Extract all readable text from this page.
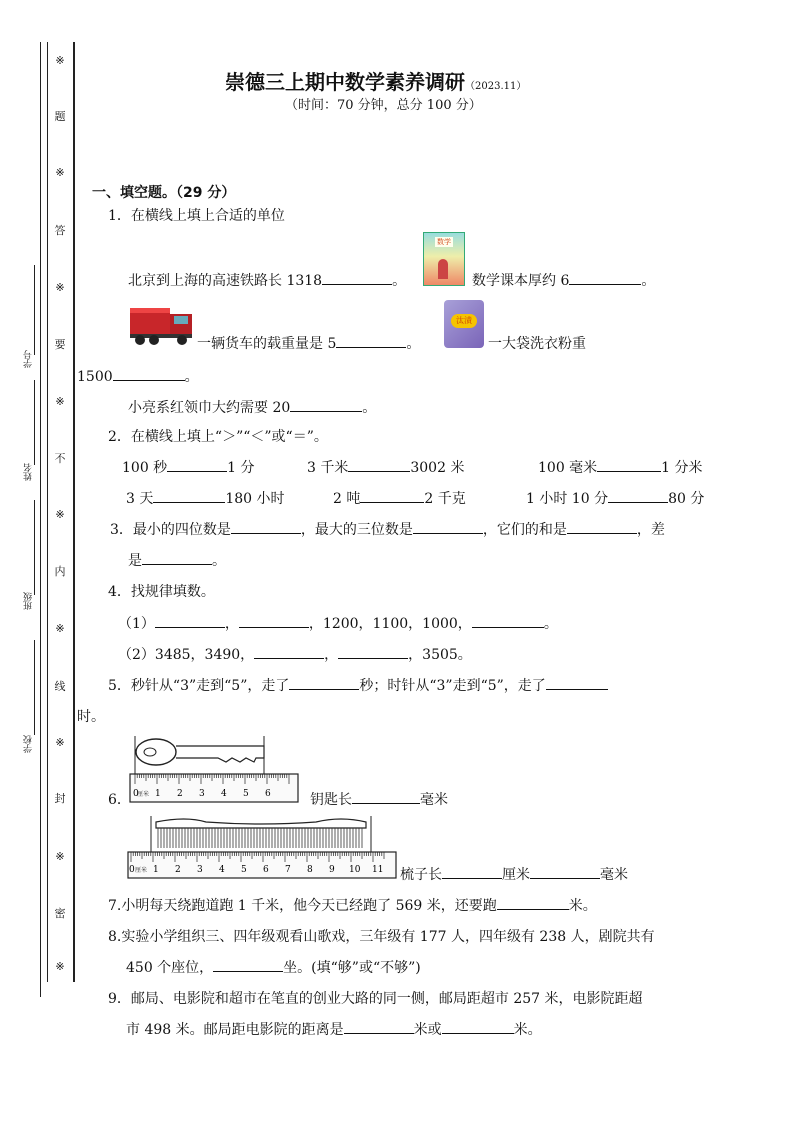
※
题
※
答
※
要
※
不
※
内
※
线
※
封
※
密
※
学号
姓名
班级
学校
崇德三上期中数学素养调研（2023.11）
（时间：70 分钟，总分 100 分）
一、填空题。（29 分）
1．在横线上填上合适的单位
北京到上海的高速铁路长 1318	。
数学
数学课本厚约 6	。
一辆货车的载重量是 5	。
汰渍
一大袋洗衣粉重
1500	。
小亮系红领巾大约需要 20	。
2．在横线上填上“＞”“＜”或“＝”。
100 秒	1 分	3 千米	3002 米	100 毫米	1 分米
3 天	180 小时	2 吨	2 千克	1 小时 10 分	80 分
3．最小的四位数是	，最大的三位数是	，它们的和是	，差
是	。
4．找规律填数。
（1）	，	，1200，1100，1000，	。
（2）3485，3490，	，	，3505。
5．秒针从“3”走到“5”，走了	秒；时针从“3”走到“5”，走了
时。
厘米
0 1 2 3 4 5 6
6．	钥匙长	毫米
厘米
0 1 2 3 4 5 6 7 8 9 10 11 梳子长	厘米	毫米
7.小明每天绕跑道跑 1 千米，他今天已经跑了 569 米，还要跑	米。
8.实验小学组织三、四年级观看山歌戏，三年级有 177 人，四年级有 238 人，剧院共有
450 个座位，	坐。(填“够”或“不够”)
9．邮局、电影院和超市在笔直的创业大路的同一侧，邮局距超市 257 米，电影院距超
市 498 米。邮局距电影院的距离是	米或	米。
